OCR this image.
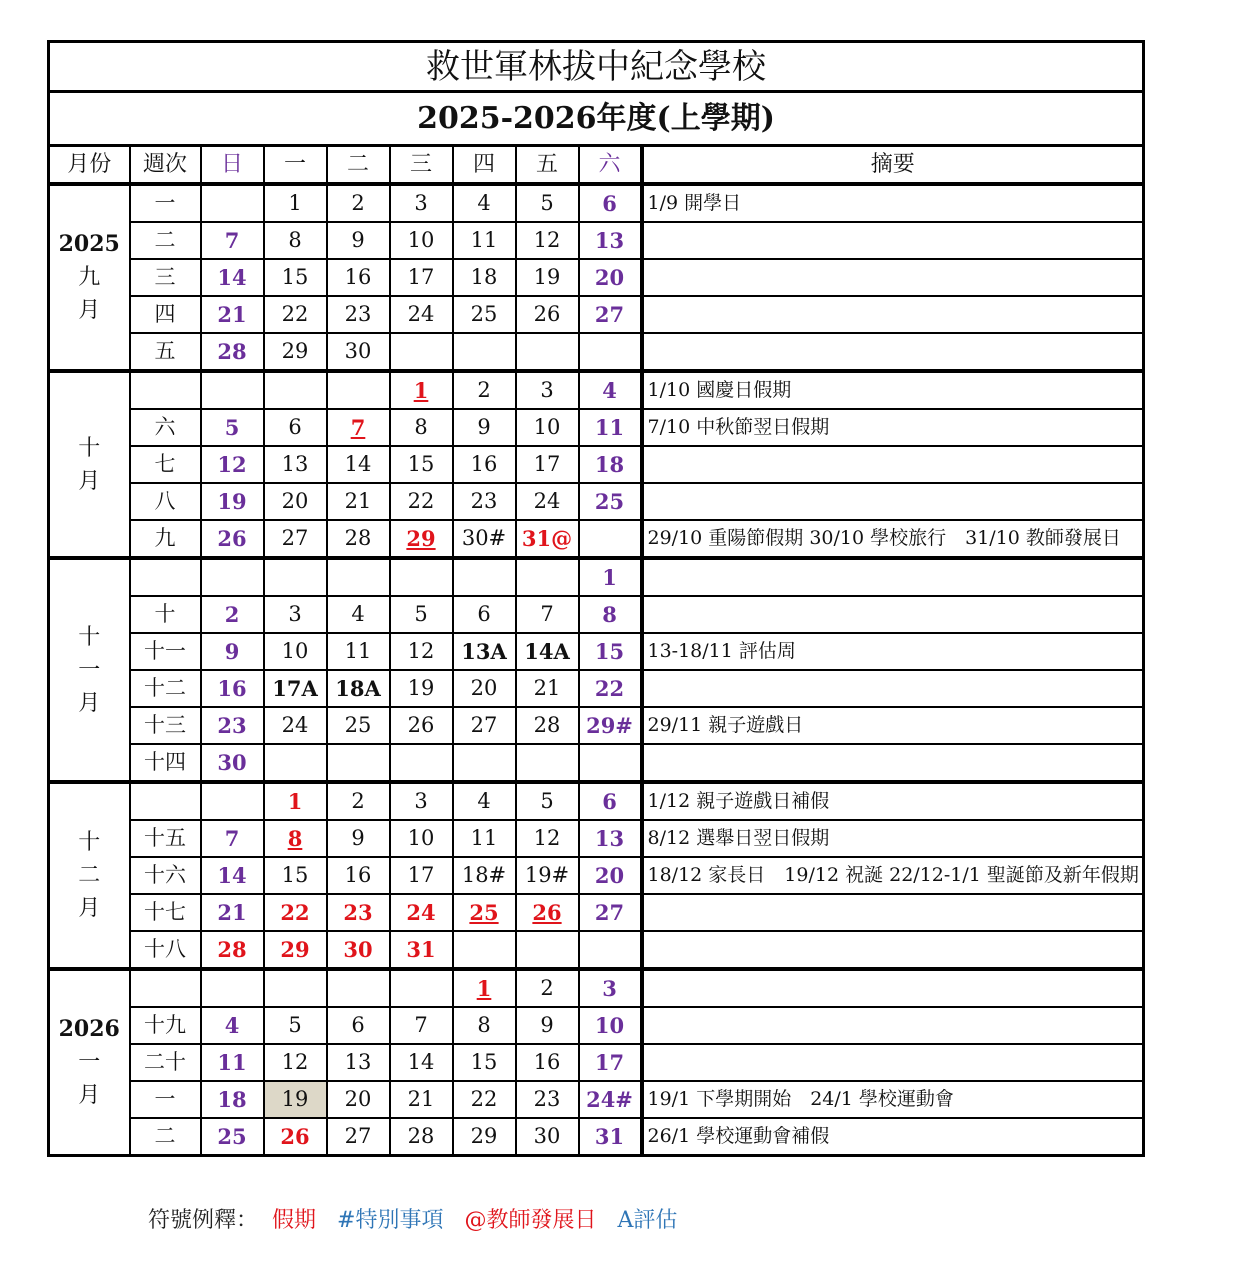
救世軍林拔中紀念學校									
2025-2026年度(上學期)									
月份	週次	日	一	二	三	四	五	六	摘要

2025
九
月	一		1	2	3	4	5	6	1/9 開學日
	二	7	8	9	10	11	12	13	
	三	14	15	16	17	18	19	20	
	四	21	22	23	24	25	26	27	
	五	28	29	30					

十
月					1	2	3	4	1/10 國慶日假期
	六	5	6	7	8	9	10	11	7/10 中秋節翌日假期
	七	12	13	14	15	16	17	18	
	八	19	20	21	22	23	24	25	
	九	26	27	28	29	30#	31@		29/10 重陽節假期 30/10 學校旅行　31/10 教師發展日

十
一
月								1	
	十	2	3	4	5	6	7	8	
	十一	9	10	11	12	13A	14A	15	13-18/11 評估周
	十二	16	17A	18A	19	20	21	22	
	十三	23	24	25	26	27	28	29#	29/11 親子遊戲日
	十四	30							

十
二
月			1	2	3	4	5	6	1/12 親子遊戲日補假
	十五	7	8	9	10	11	12	13	8/12 選舉日翌日假期
	十六	14	15	16	17	18#	19#	20	18/12 家長日　19/12 祝誕 22/12-1/1 聖誕節及新年假期
	十七	21	22	23	24	25	26	27	
	十八	28	29	30	31				

2026
一
月						1	2	3	
	十九	4	5	6	7	8	9	10	
	二十	11	12	13	14	15	16	17	
	一	18	19	20	21	22	23	24#	19/1 下學期開始　24/1 學校運動會
	二	25	26	27	28	29	30	31	26/1 學校運動會補假
符號例釋： 假期 #特別事項 @教師發展日 A評估
